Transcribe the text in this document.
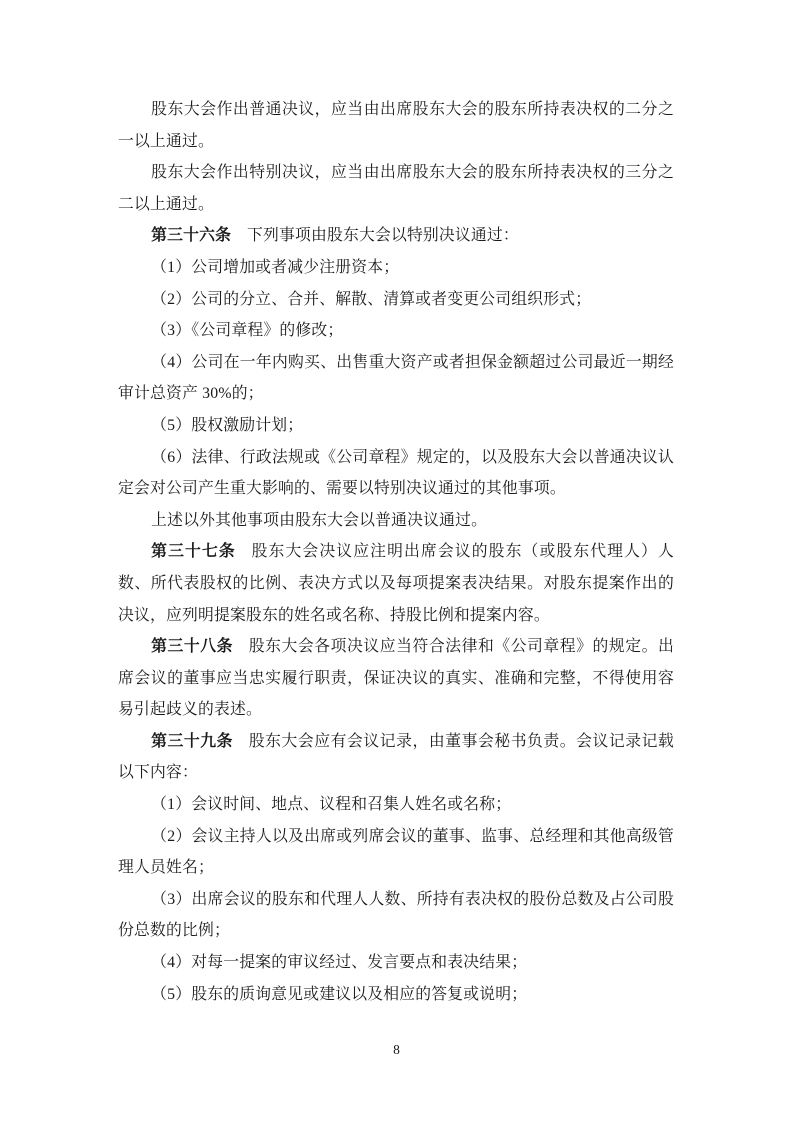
股东大会作出普通决议，应当由出席股东大会的股东所持表决权的二分之一以上通过。

股东大会作出特别决议，应当由出席股东大会的股东所持表决权的三分之二以上通过。

第三十六条 下列事项由股东大会以特别决议通过：

（1）公司增加或者减少注册资本；

（2）公司的分立、合并、解散、清算或者变更公司组织形式；

（3）《公司章程》的修改；

（4）公司在一年内购买、出售重大资产或者担保金额超过公司最近一期经审计总资产 30%的；

（5）股权激励计划；

（6）法律、行政法规或《公司章程》规定的，以及股东大会以普通决议认定会对公司产生重大影响的、需要以特别决议通过的其他事项。

上述以外其他事项由股东大会以普通决议通过。

第三十七条 股东大会决议应注明出席会议的股东（或股东代理人）人数、所代表股权的比例、表决方式以及每项提案表决结果。对股东提案作出的决议，应列明提案股东的姓名或名称、持股比例和提案内容。

第三十八条 股东大会各项决议应当符合法律和《公司章程》的规定。出席会议的董事应当忠实履行职责，保证决议的真实、准确和完整，不得使用容易引起歧义的表述。

第三十九条 股东大会应有会议记录，由董事会秘书负责。会议记录记载以下内容：

（1）会议时间、地点、议程和召集人姓名或名称；

（2）会议主持人以及出席或列席会议的董事、监事、总经理和其他高级管理人员姓名；

（3）出席会议的股东和代理人人数、所持有表决权的股份总数及占公司股份总数的比例；

（4）对每一提案的审议经过、发言要点和表决结果；

（5）股东的质询意见或建议以及相应的答复或说明；

8
